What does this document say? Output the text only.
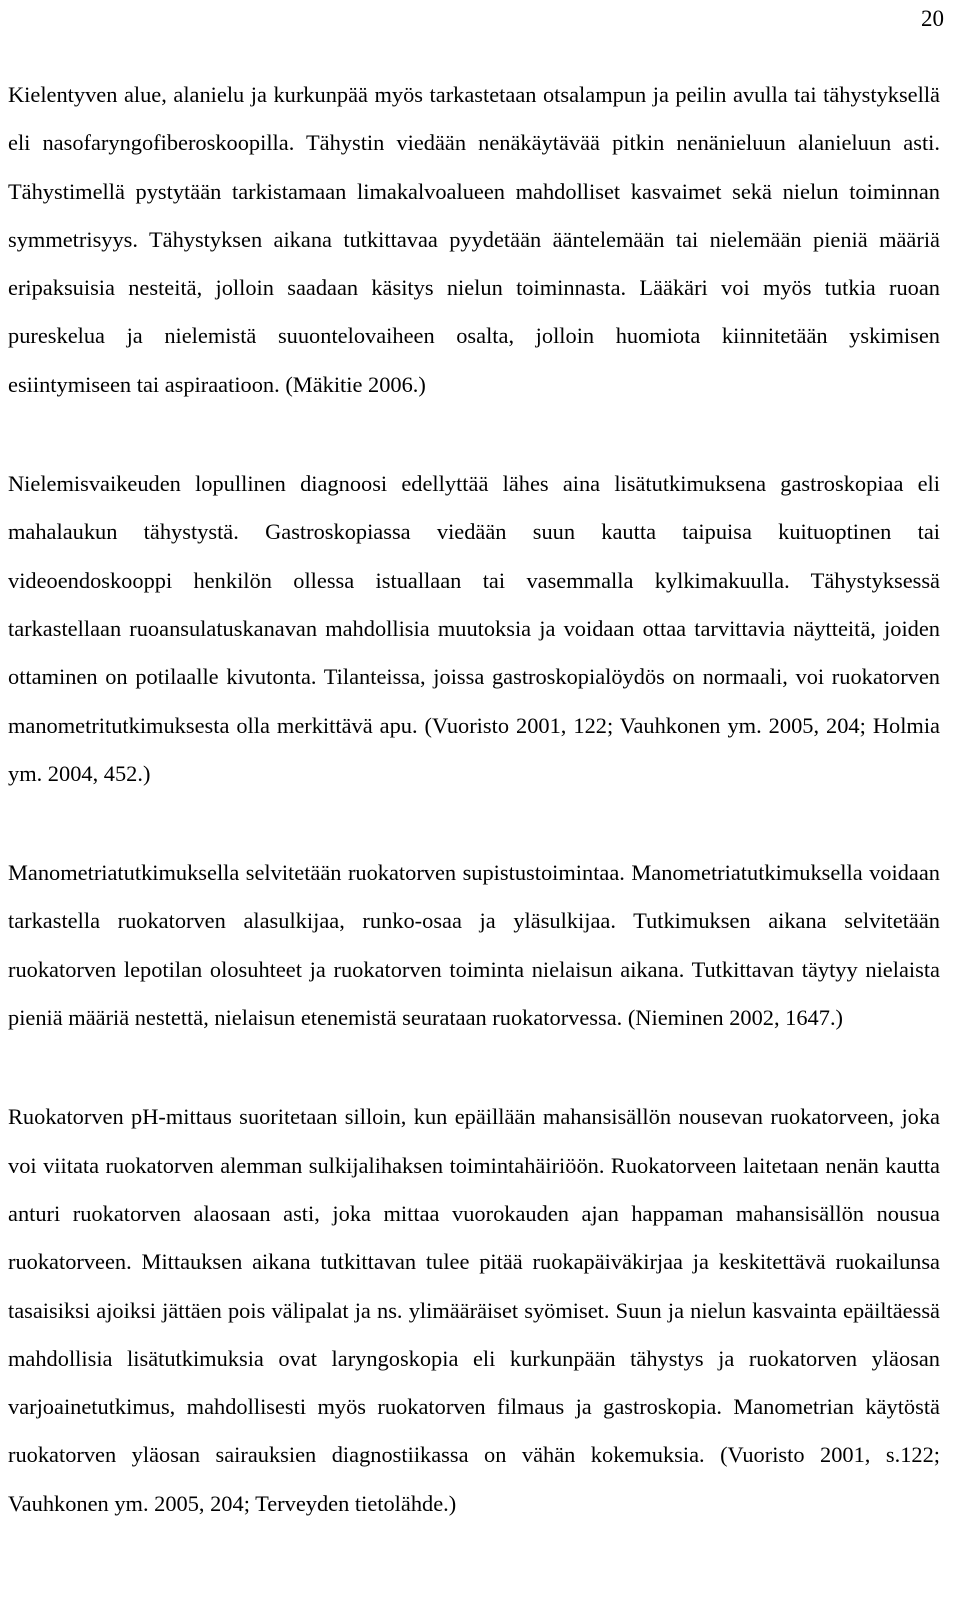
20

Kielentyven alue, alanielu ja kurkunpää myös tarkastetaan otsalampun ja peilin avulla tai tähystyksellä eli nasofaryngofiberoskoopilla. Tähystin viedään nenäkäytävää pitkin nenänieluun alanieluun asti. Tähystimellä pystytään tarkistamaan limakalvoalueen mahdolliset kasvaimet sekä nielun toiminnan symmetrisyys. Tähystyksen aikana tutkittavaa pyydetään ääntelemään tai nielemään pieniä määriä eripaksuisia nesteitä, jolloin saadaan käsitys nielun toiminnasta. Lääkäri voi myös tutkia ruoan pureskelua ja nielemistä suuontelovaiheen osalta, jolloin huomiota kiinnitetään yskimisen esiintymiseen tai aspiraatioon. (Mäkitie 2006.)

Nielemisvaikeuden lopullinen diagnoosi edellyttää lähes aina lisätutkimuksena gastroskopiaa eli mahalaukun tähystystä. Gastroskopiassa viedään suun kautta taipuisa kuituoptinen tai videoendoskooppi henkilön ollessa istuallaan tai vasemmalla kylkimakuulla. Tähystyksessä tarkastellaan ruoansulatuskanavan mahdollisia muutoksia ja voidaan ottaa tarvittavia näytteitä, joiden ottaminen on potilaalle kivutonta. Tilanteissa, joissa gastroskopialöydös on normaali, voi ruokatorven manometritutkimuksesta olla merkittävä apu. (Vuoristo 2001, 122; Vauhkonen ym. 2005, 204; Holmia ym. 2004, 452.)

Manometriatutkimuksella selvitetään ruokatorven supistustoimintaa. Manometriatutkimuksella voidaan tarkastella ruokatorven alasulkijaa, runko-osaa ja yläsulkijaa. Tutkimuksen aikana selvitetään ruokatorven lepotilan olosuhteet ja ruokatorven toiminta nielaisun aikana. Tutkittavan täytyy nielaista pieniä määriä nestettä, nielaisun etenemistä seurataan ruokatorvessa. (Nieminen 2002, 1647.)

Ruokatorven pH-mittaus suoritetaan silloin, kun epäillään mahansisällön nousevan ruokatorveen, joka voi viitata ruokatorven alemman sulkijalihaksen toimintahäiriöön. Ruokatorveen laitetaan nenän kautta anturi ruokatorven alaosaan asti, joka mittaa vuorokauden ajan happaman mahansisällön nousua ruokatorveen. Mittauksen aikana tutkittavan tulee pitää ruokapäiväkirjaa ja keskitettävä ruokailunsa tasaisiksi ajoiksi jättäen pois välipalat ja ns. ylimääräiset syömiset. Suun ja nielun kasvainta epäiltäessä mahdollisia lisätutkimuksia ovat laryngoskopia eli kurkunpään tähystys ja ruokatorven yläosan varjoainetutkimus, mahdollisesti myös ruokatorven filmaus ja gastroskopia. Manometrian käytöstä ruokatorven yläosan sairauksien diagnostiikassa on vähän kokemuksia. (Vuoristo 2001, s.122; Vauhkonen ym. 2005, 204; Terveyden tietolähde.)
